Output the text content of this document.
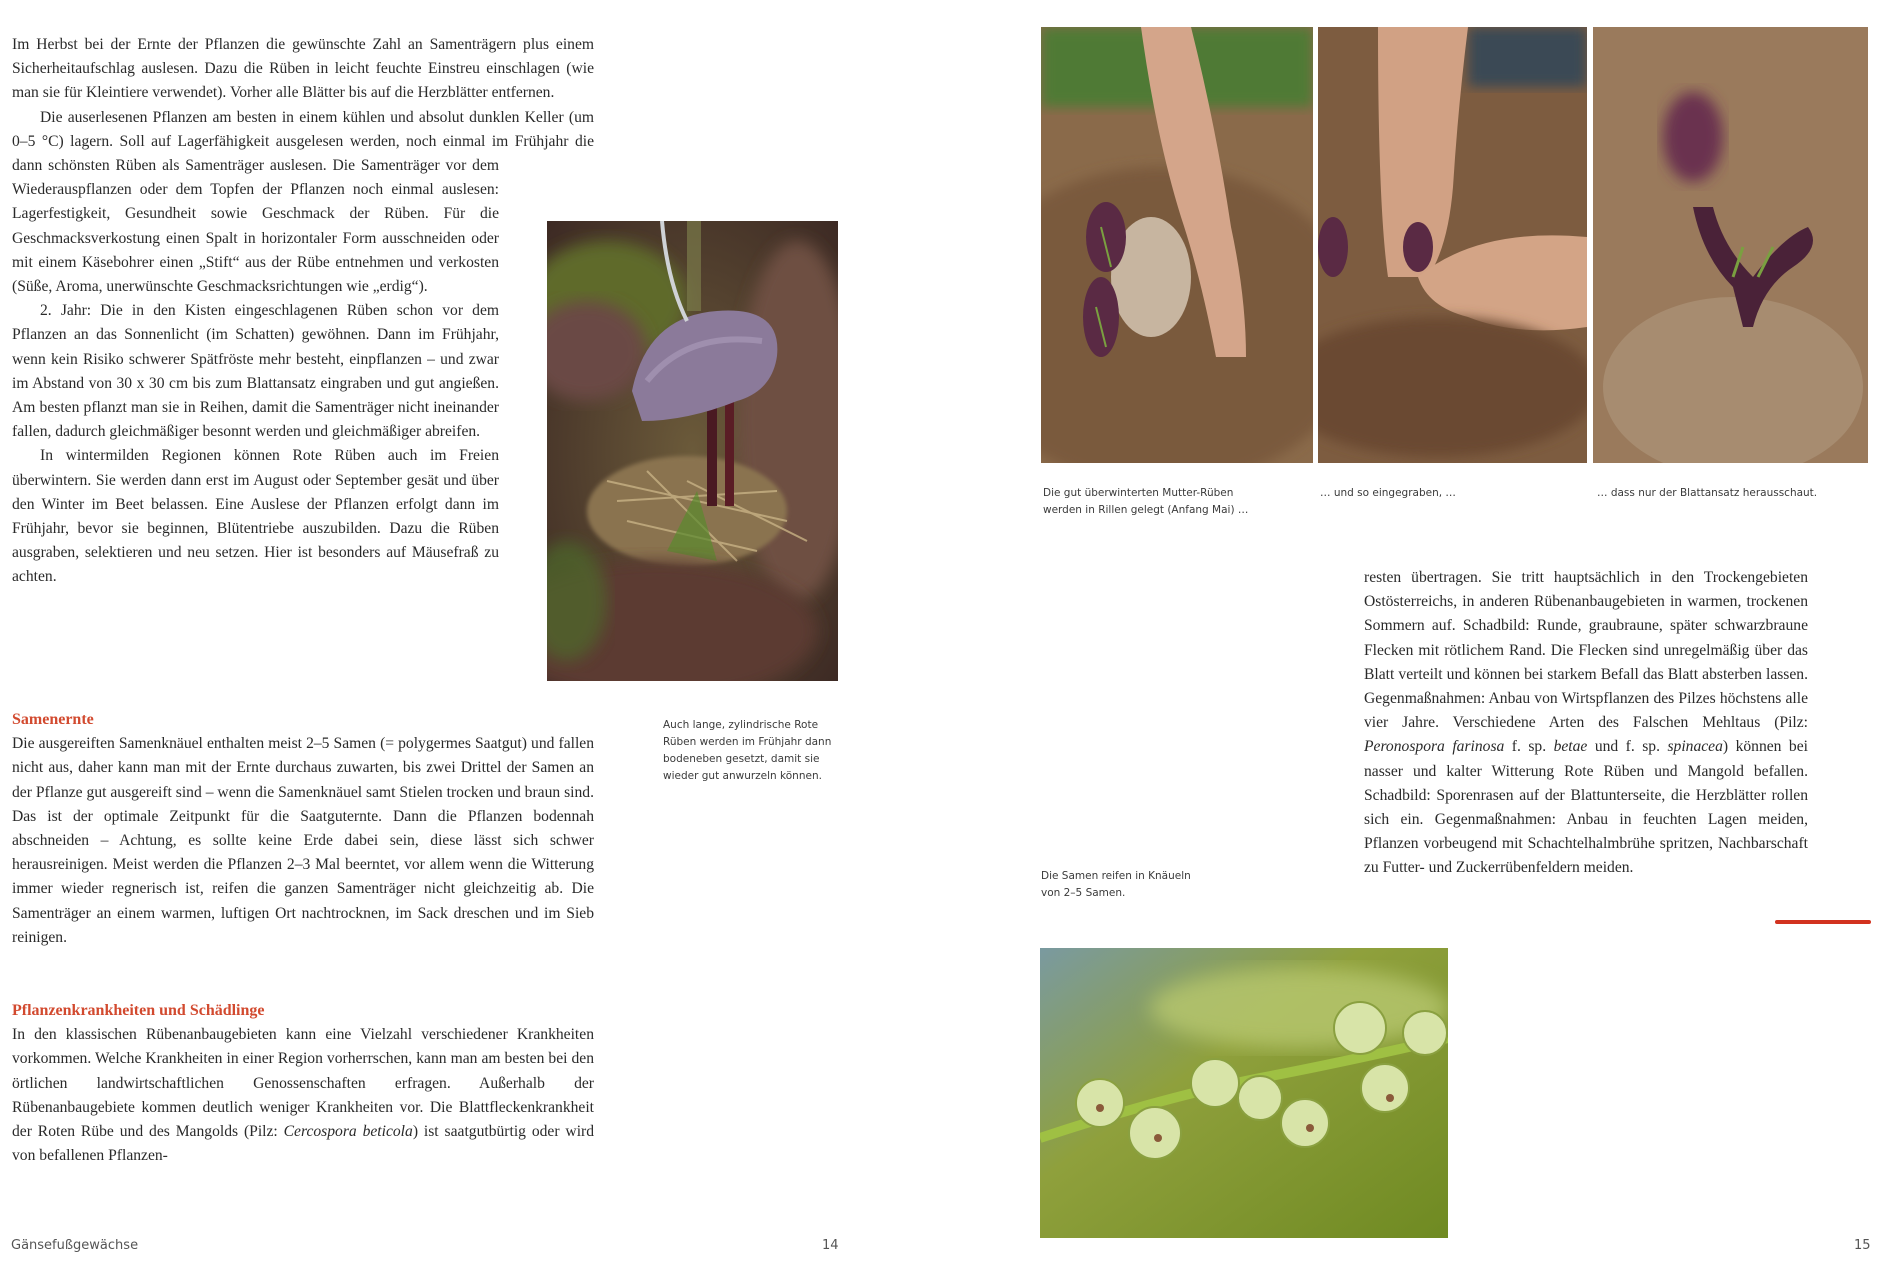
Im Herbst bei der Ernte der Pflanzen die gewünschte Zahl an Samenträgern plus einem Sicherheitaufschlag auslesen. Dazu die Rüben in leicht feuchte Einstreu einschlagen (wie man sie für Kleintiere verwendet). Vorher alle Blätter bis auf die Herzblätter entfernen.

Die auserlesenen Pflanzen am besten in einem kühlen und absolut dunklen Keller (um 0–5 °C) lagern. Soll auf Lagerfähigkeit ausgelesen werden, noch einmal im Frühjahr die dann schönsten Rüben als Samenträger auslesen. Die Samenträger vor dem Wiederauspflanzen oder dem Topfen der Pflanzen noch einmal auslesen: Lagerfestigkeit, Gesundheit sowie Geschmack der Rüben. Für die Geschmacksverkostung einen Spalt in horizontaler Form ausschneiden oder mit einem Käsebohrer einen „Stift“ aus der Rübe entnehmen und verkosten (Süße, Aroma, unerwünschte Geschmacksrichtungen wie „erdig“).

2. Jahr: Die in den Kisten eingeschlagenen Rüben schon vor dem Pflanzen an das Sonnenlicht (im Schatten) gewöhnen. Dann im Frühjahr, wenn kein Risiko schwerer Spätfröste mehr besteht, einpflanzen – und zwar im Abstand von 30 x 30 cm bis zum Blattansatz eingraben und gut angießen. Am besten pflanzt man sie in Reihen, damit die Samenträger nicht ineinander fallen, dadurch gleichmäßiger besonnt werden und gleichmäßiger abreifen.

In wintermilden Regionen können Rote Rüben auch im Freien überwintern. Sie werden dann erst im August oder September gesät und über den Winter im Beet belassen. Eine Auslese der Pflanzen erfolgt dann im Frühjahr, bevor sie beginnen, Blütentriebe auszubilden. Dazu die Rüben ausgraben, selektieren und neu setzen. Hier ist besonders auf Mäusefraß zu achten.

Auch lange, zylindrische Rote Rüben werden im Frühjahr dann bodeneben gesetzt, damit sie wieder gut anwurzeln können.
Samenernte

Die ausgereiften Samenknäuel enthalten meist 2–5 Samen (= polygermes Saatgut) und fallen nicht aus, daher kann man mit der Ernte durchaus zuwarten, bis zwei Drittel der Samen an der Pflanze gut ausgereift sind – wenn die Samenknäuel samt Stielen trocken und braun sind. Das ist der optimale Zeitpunkt für die Saatguternte. Dann die Pflanzen bodennah abschneiden – Achtung, es sollte keine Erde dabei sein, diese lässt sich schwer herausreinigen. Meist werden die Pflanzen 2–3 Mal beerntet, vor allem wenn die Witterung immer wieder regnerisch ist, reifen die ganzen Samenträger nicht gleichzeitig ab. Die Samenträger an einem warmen, luftigen Ort nachtrocknen, im Sack dreschen und im Sieb reinigen.

Pflanzenkrankheiten und Schädlinge

In den klassischen Rübenanbaugebieten kann eine Vielzahl verschiedener Krankheiten vorkommen. Welche Krankheiten in einer Region vorherrschen, kann man am besten bei den örtlichen landwirtschaftlichen Genossenschaften erfragen. Außerhalb der Rübenanbaugebiete kommen deutlich weniger Krankheiten vor. Die Blattfleckenkrankheit der Roten Rübe und des Mangolds (Pilz: Cercospora beticola) ist saatgutbürtig oder wird von befallenen Pflanzen-

Gänsefußgewächse	14
Die gut überwinterten Mutter-Rüben werden in Rillen gelegt (Anfang Mai) …
… und so eingegraben, …	… dass nur der Blattansatz herausschaut.

resten übertragen. Sie tritt hauptsächlich in den Trockengebieten Ostösterreichs, in anderen Rübenanbaugebieten in warmen, trockenen Sommern auf. Schadbild: Runde, graubraune, später schwarzbraune Flecken mit rötlichem Rand. Die Flecken sind unregelmäßig über das Blatt verteilt und können bei starkem Befall das Blatt absterben lassen. Gegenmaßnahmen: Anbau von Wirtspflanzen des Pilzes höchstens alle vier Jahre. Verschiedene Arten des Falschen Mehltaus (Pilz: Peronospora farinosa f. sp. betae und f. sp. spinacea) können bei nasser und kalter Witterung Rote Rüben und Mangold befallen. Schadbild: Sporenrasen auf der Blattunterseite, die Herzblätter rollen sich ein. Gegenmaßnahmen: Anbau in feuchten Lagen meiden, Pflanzen vorbeugend mit Schachtelhalmbrühe spritzen, Nachbarschaft zu Futter- und Zuckerrübenfeldern meiden.

Die Samen reifen in Knäueln von 2–5 Samen.
15
